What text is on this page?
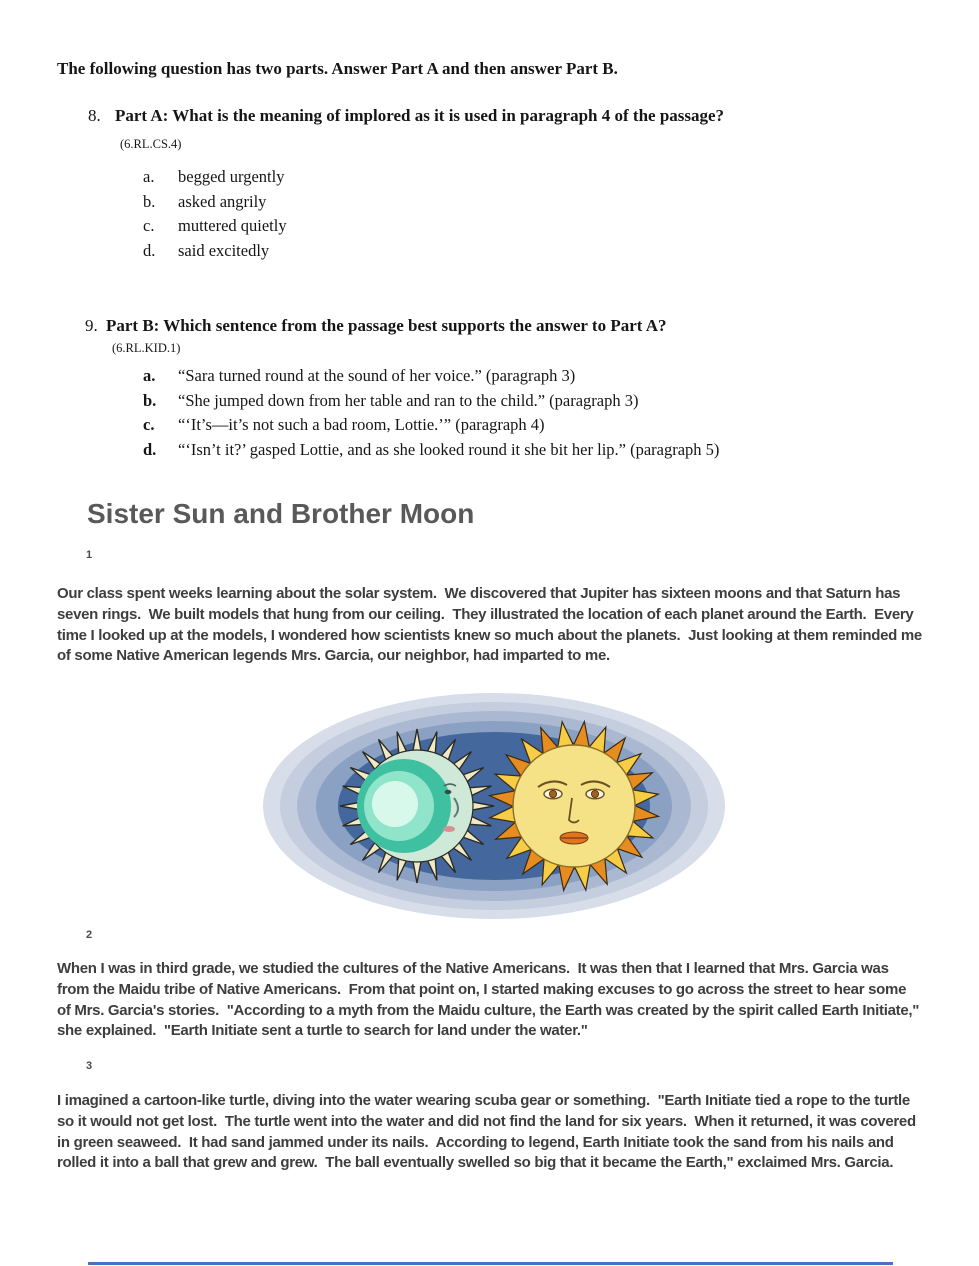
The following question has two parts. Answer Part A and then answer Part B.
8. Part A: What is the meaning of implored as it is used in paragraph 4 of the passage? (6.RL.CS.4)
a.	begged urgently
b.	asked angrily
c.	muttered quietly
d.	said excitedly
9. Part B: Which sentence from the passage best supports the answer to Part A?
(6.RL.KID.1)
a.	“Sara turned round at the sound of her voice.” (paragraph 3)
b.	“She jumped down from her table and ran to the child.” (paragraph 3)
c.	“‘It’s—it’s not such a bad room, Lottie.’” (paragraph 4)
d.	“‘Isn’t it?’ gasped Lottie, and as she looked round it she bit her lip.” (paragraph 5)
Sister Sun and Brother Moon
1

Our class spent weeks learning about the solar system.  We discovered that Jupiter has sixteen moons and that Saturn has seven rings.  We built models that hung from our ceiling.  They illustrated the location of each planet around the Earth.  Every time I looked up at the models, I wondered how scientists knew so much about the planets.  Just looking at them reminded me of some Native American legends Mrs. Garcia, our neighbor, had imparted to me.

2

When I was in third grade, we studied the cultures of the Native Americans.  It was then that I learned that Mrs. Garcia was from the Maidu tribe of Native Americans.  From that point on, I started making excuses to go across the street to hear some of Mrs. Garcia's stories.  "According to a myth from the Maidu culture, the Earth was created by the spirit called Earth Initiate," she explained.  "Earth Initiate sent a turtle to search for land under the water."

3

I imagined a cartoon-like turtle, diving into the water wearing scuba gear or something.  "Earth Initiate tied a rope to the turtle so it would not get lost.  The turtle went into the water and did not find the land for six years.  When it returned, it was covered in green seaweed.  It had sand jammed under its nails.  According to legend, Earth Initiate took the sand from his nails and rolled it into a ball that grew and grew.  The ball eventually swelled so big that it became the Earth," exclaimed Mrs. Garcia.
